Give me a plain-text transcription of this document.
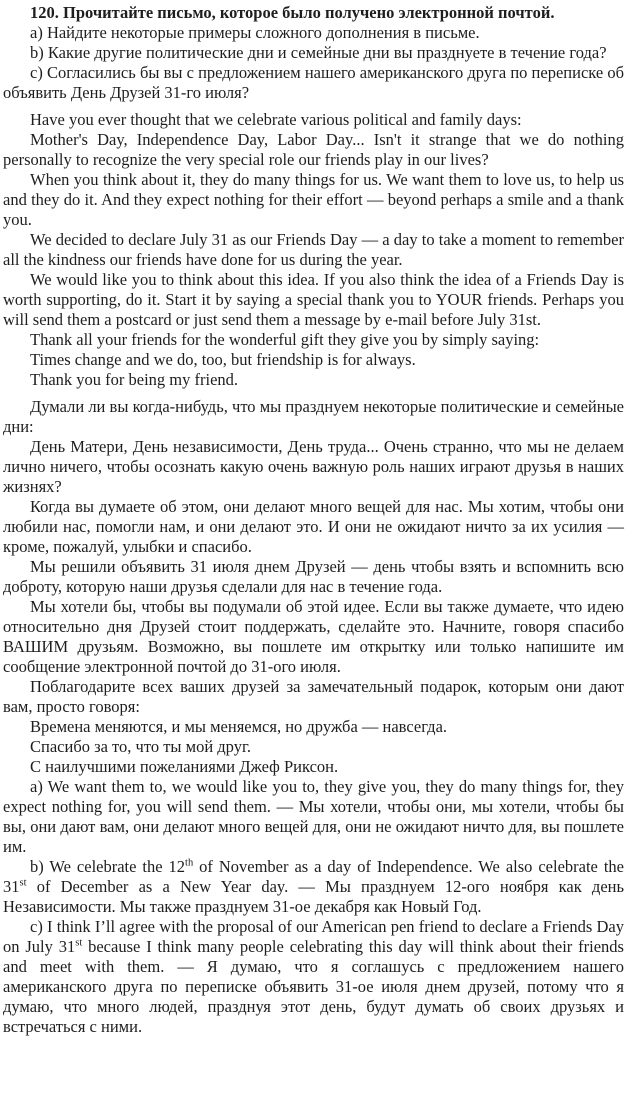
120. Прочитайте письмо, которое было получено электронной почтой.

a) Найдите некоторые примеры сложного дополнения в письме.

b) Какие другие политические дни и семейные дни вы празднуете в течение года?

c) Согласились бы вы с предложением нашего американского друга по переписке об объявить День Друзей 31-го июля?

Have you ever thought that we celebrate various political and family days:

Mother's Day, Independence Day, Labor Day... Isn't it strange that we do nothing personally to recognize the very special role our friends play in our lives?

When you think about it, they do many things for us. We want them to love us, to help us and they do it. And they expect nothing for their effort — beyond perhaps a smile and a thank you.

We decided to declare July 31 as our Friends Day — a day to take a moment to remember all the kindness our friends have done for us during the year.

We would like you to think about this idea. If you also think the idea of a Friends Day is worth supporting, do it. Start it by saying a special thank you to YOUR friends. Perhaps you will send them a postcard or just send them a message by e-mail before July 31st.

Thank all your friends for the wonderful gift they give you by simply saying:

Times change and we do, too, but friendship is for always.

Thank you for being my friend.

Думали ли вы когда-нибудь, что мы празднуем некоторые политические и семейные дни:

День Матери, День независимости, День труда... Очень странно, что мы не делаем лично ничего, чтобы осознать какую очень важную роль наших играют друзья в наших жизнях?

Когда вы думаете об этом, они делают много вещей для нас. Мы хотим, чтобы они любили нас, помогли нам, и они делают это. И они не ожидают ничто за их усилия — кроме, пожалуй, улыбки и спасибо.

Мы решили объявить 31 июля днем Друзей — день чтобы взять и вспомнить всю доброту, которую наши друзья сделали для нас в течение года.

Мы хотели бы, чтобы вы подумали об этой идее. Если вы также думаете, что идею относительно дня Друзей стоит поддержать, сделайте это. Начните, говоря спасибо ВАШИМ друзьям. Возможно, вы пошлете им открытку или только напишите им сообщение электронной почтой до 31-ого июля.

Поблагодарите всех ваших друзей за замечательный подарок, которым они дают вам, просто говоря:

Времена меняются, и мы меняемся, но дружба — навсегда.

Спасибо за то, что ты мой друг.

С наилучшими пожеланиями Джеф Риксон.

a) We want them to, we would like you to, they give you, they do many things for, they expect nothing for, you will send them. — Мы хотели, чтобы они, мы хотели, чтобы бы вы, они дают вам, они делают много вещей для, они не ожидают ничто для, вы пошлете им.

b) We celebrate the 12th of November as a day of Independence. We also celebrate the 31st of December as a New Year day. — Мы празднуем 12-ого ноября как день Независимости. Мы также празднуем 31-ое декабря как Новый Год.

c) I think I’ll agree with the proposal of our American pen friend to declare a Friends Day on July 31st because I think many people celebrating this day will think about their friends and meet with them. — Я думаю, что я соглашусь с предложением нашего американского друга по переписке объявить 31-ое июля днем друзей, потому что я думаю, что много людей, празднуя этот день, будут думать об своих друзьях и встречаться с ними.
